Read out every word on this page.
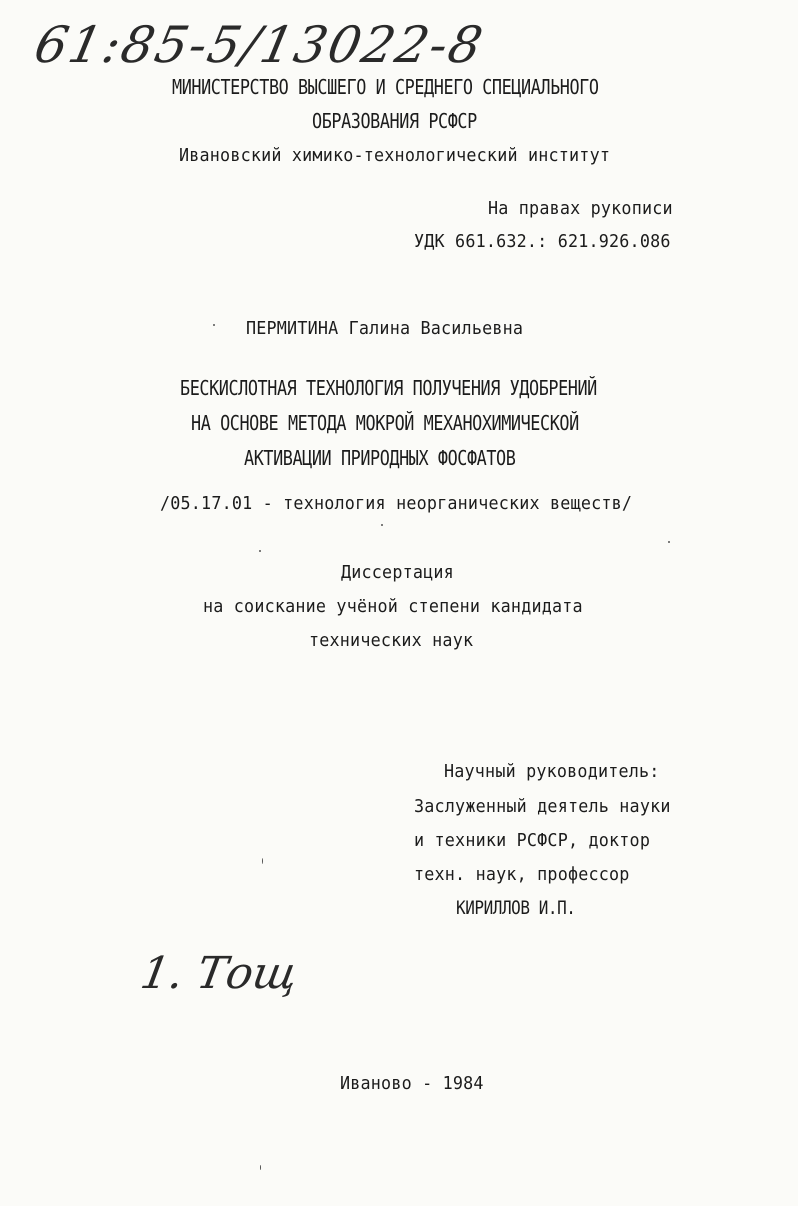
61:85-5/13022-8
МИНИСТЕРСТВО ВЫСШЕГО И СРЕДНЕГО СПЕЦИАЛЬНОГО
ОБРАЗОВАНИЯ РСФСР
Ивановский химико-технологический институт
На правах рукописи
УДК 661.632.: 621.926.086
ПЕРМИТИНА Галина Васильевна
БЕСКИСЛОТНАЯ ТЕХНОЛОГИЯ ПОЛУЧЕНИЯ УДОБРЕНИЙ
НА ОСНОВЕ МЕТОДА МОКРОЙ МЕХАНОХИМИЧЕСКОЙ
АКТИВАЦИИ ПРИРОДНЫХ ФОСФАТОВ
/05.17.01 - технология неорганических веществ/
Диссертация
на соискание учёной степени кандидата
технических наук
Научный руководитель:
Заслуженный деятель науки
и техники РСФСР, доктор
техн. наук, профессор
КИРИЛЛОВ И.П.
1. Тощ
Иваново - 1984
